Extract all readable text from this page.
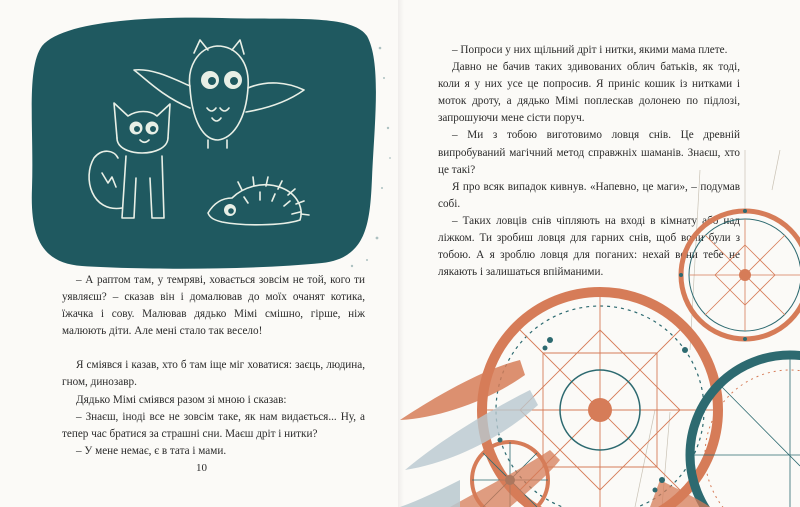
– А раптом там, у темряві, ховається зовсім не той, кого ти уявляєш? – сказав він і домалював до моїх очанят котика, їжачка і сову. Малював дядько Мімі смішно, гірше, ніж малюють діти. Але мені стало так весело!

Я сміявся і казав, хто б там іще міг ховатися: заєць, людина, гном, динозавр.

Дядько Мімі сміявся разом зі мною і сказав:

– Знаєш, іноді все не зовсім таке, як нам видається... Ну, а тепер час братися за страшні сни. Маєш дріт і нитки?

– У мене немає, є в тата і мами.

10

– Попроси у них щільний дріт і нитки, якими мама плете.

Давно не бачив таких здивованих облич батьків, як тоді, коли я у них усе це попросив. Я приніс кошик із нитками і моток дроту, а дядько Мімі поплескав долонею по підлозі, запрошуючи мене сісти поруч.

– Ми з тобою виготовимо ловця снів. Це древній випробуваний магічний метод справжніх шаманів. Знаєш, хто це такі?

Я про всяк випадок кивнув. «Напевно, це маги», – подумав собі.

– Таких ловців снів чіпляють на вході в кімнату або над ліжком. Ти зробиш ловця для гарних снів, щоб вони були з тобою. А я зроблю ловця для поганих: нехай вони тебе не лякають і залишаться впійманими.
